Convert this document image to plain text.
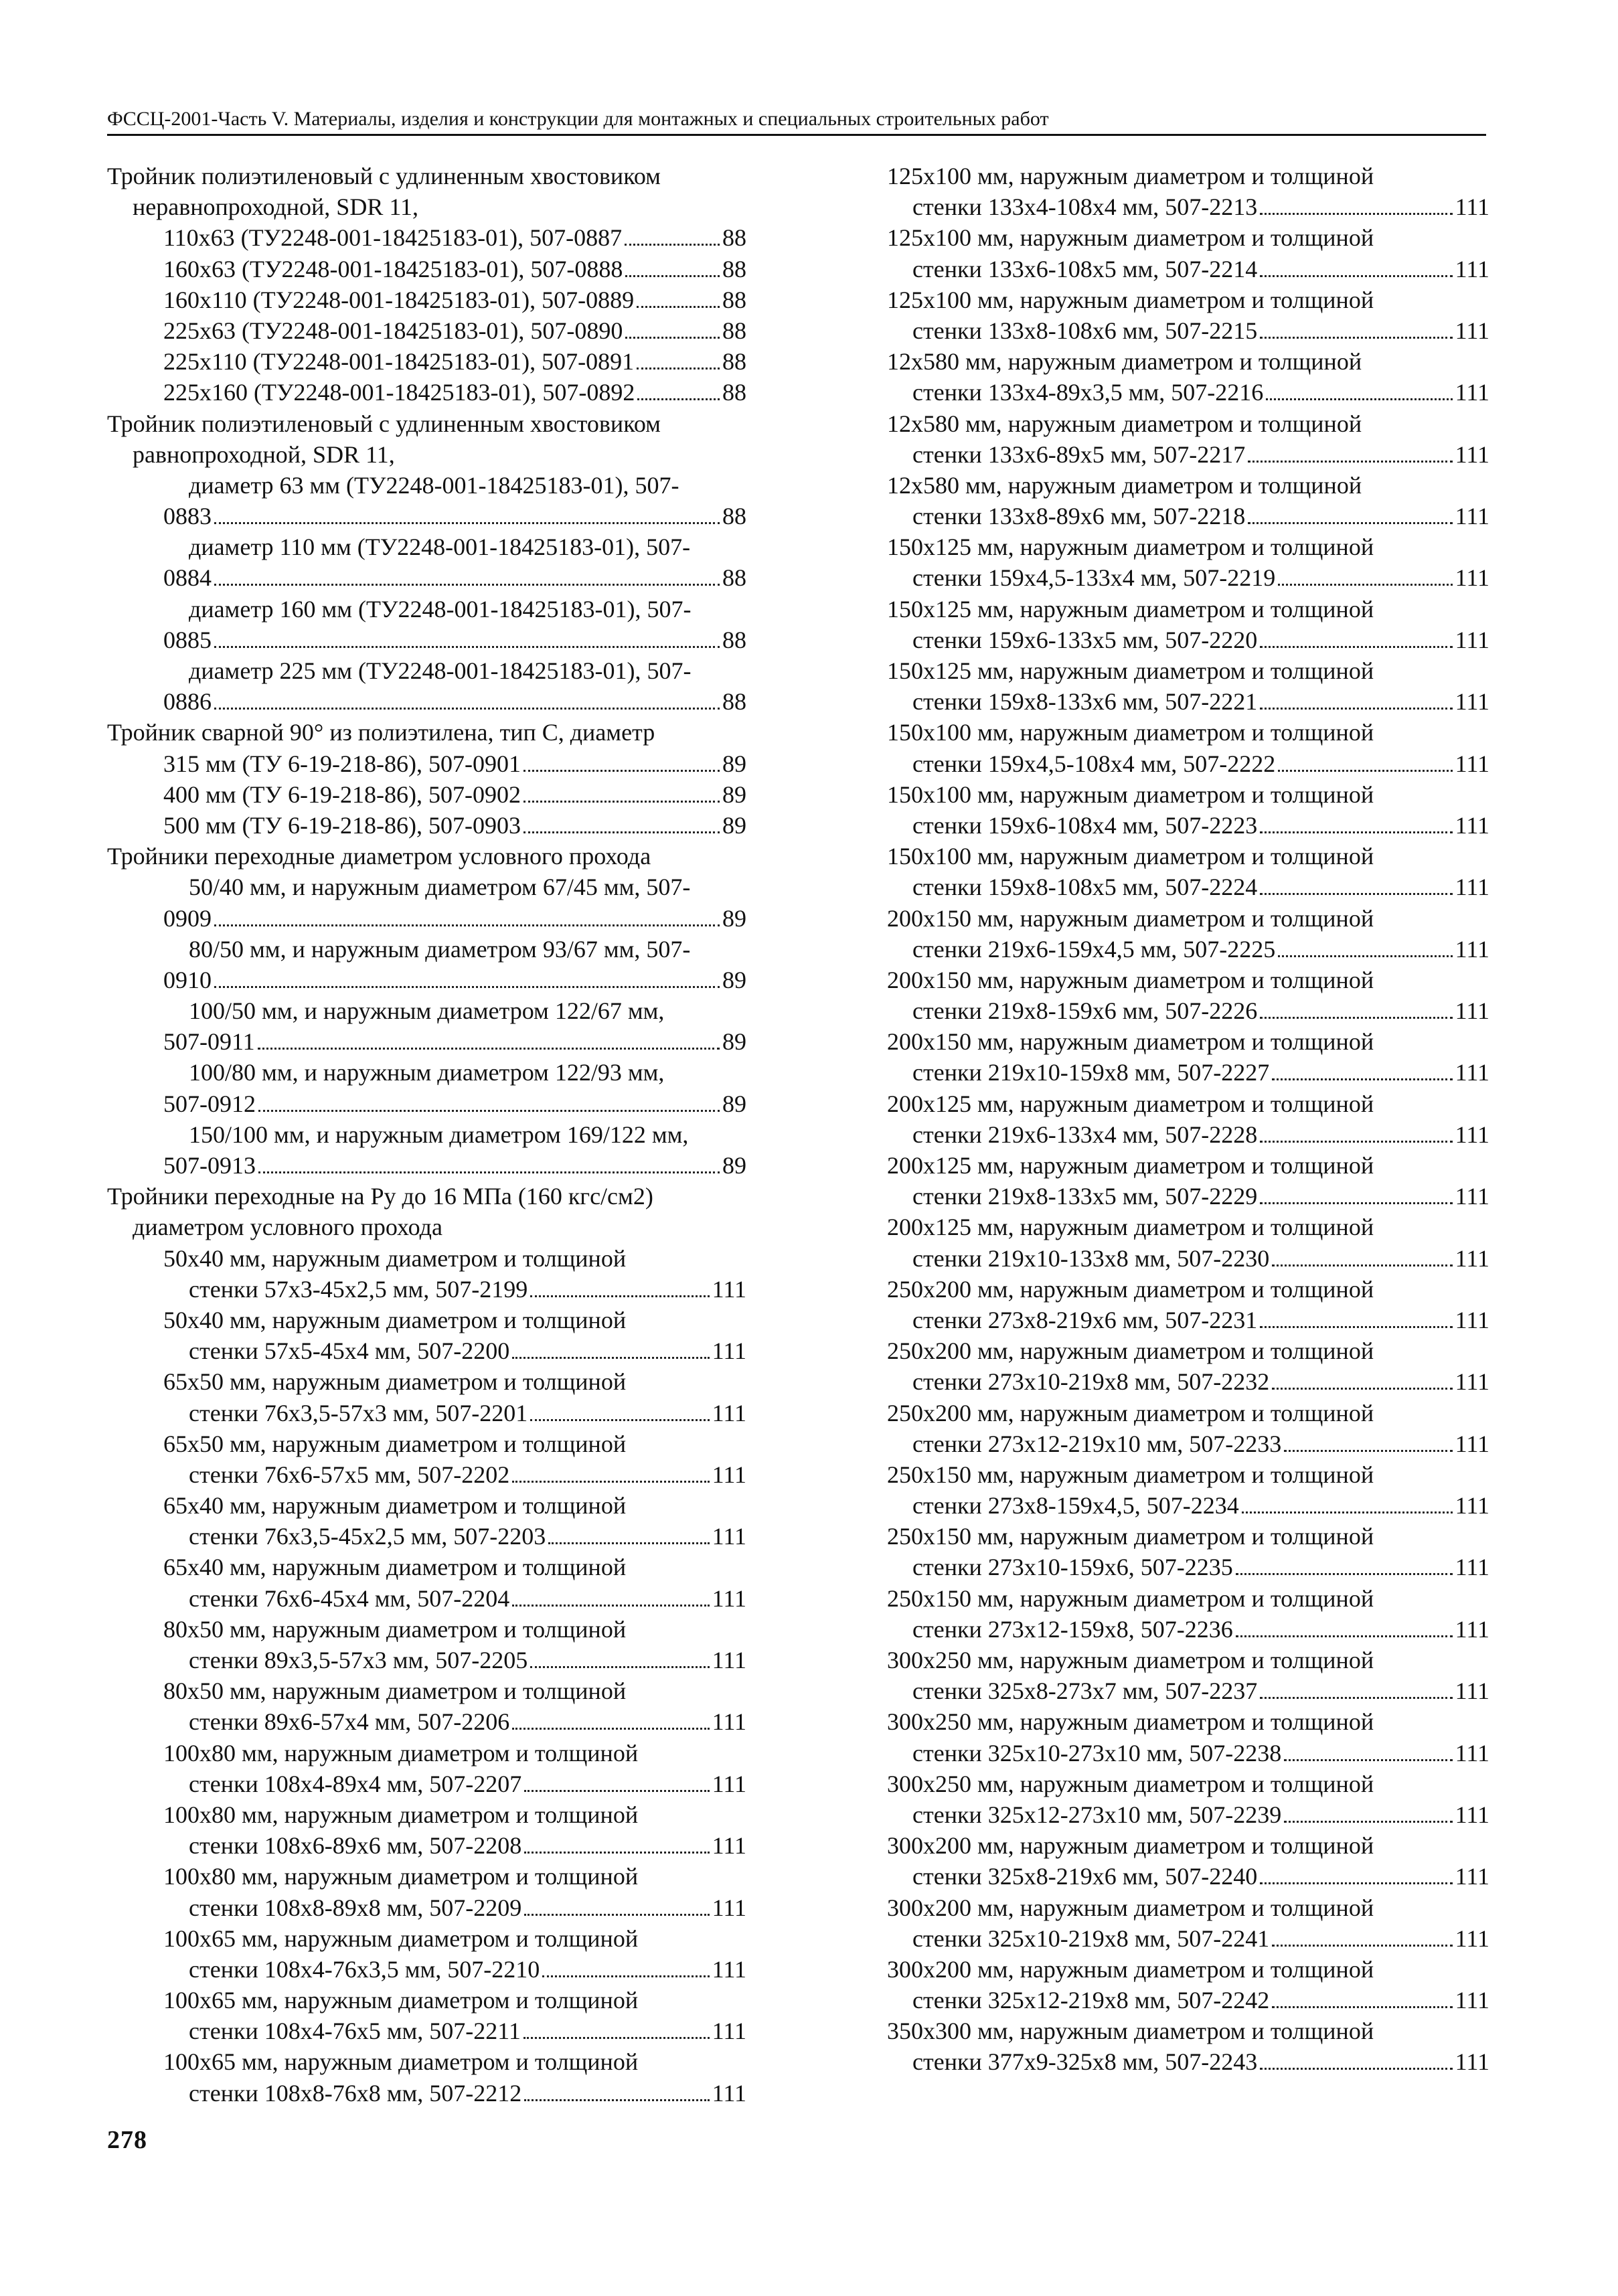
ФССЦ-2001-Часть V. Материалы, изделия и конструкции для монтажных и специальных строительных работ
Тройник полиэтиленовый с удлиненным хвостовиком
неравнопроходной, SDR 11,
110x63 (ТУ2248-001-18425183-01), 507-0887	88
160x63 (ТУ2248-001-18425183-01), 507-0888	88
160x110 (ТУ2248-001-18425183-01), 507-0889	88
225x63 (ТУ2248-001-18425183-01), 507-0890	88
225x110 (ТУ2248-001-18425183-01), 507-0891	88
225x160 (ТУ2248-001-18425183-01), 507-0892	88
Тройник полиэтиленовый с удлиненным хвостовиком
равнопроходной, SDR 11,
диаметр 63 мм (ТУ2248-001-18425183-01), 507-
0883	88
диаметр 110 мм (ТУ2248-001-18425183-01), 507-
0884	88
диаметр 160 мм (ТУ2248-001-18425183-01), 507-
0885	88
диаметр 225 мм (ТУ2248-001-18425183-01), 507-
0886	88
Тройник сварной 90° из полиэтилена, тип С, диаметр
315 мм (ТУ 6-19-218-86), 507-0901	89
400 мм (ТУ 6-19-218-86), 507-0902	89
500 мм (ТУ 6-19-218-86), 507-0903	89
Тройники переходные диаметром условного прохода
50/40 мм, и наружным диаметром 67/45 мм, 507-
0909	89
80/50 мм, и наружным диаметром 93/67 мм, 507-
0910	89
100/50 мм, и наружным диаметром 122/67 мм,
507-0911	89
100/80 мм, и наружным диаметром 122/93 мм,
507-0912	89
150/100 мм, и наружным диаметром 169/122 мм,
507-0913	89
Тройники переходные на Ру до 16 МПа (160 кгс/см2)
диаметром условного прохода
50x40 мм, наружным диаметром и толщиной
стенки 57x3-45x2,5 мм, 507-2199	111
50x40 мм, наружным диаметром и толщиной
стенки 57x5-45x4 мм, 507-2200	111
65x50 мм, наружным диаметром и толщиной
стенки 76x3,5-57x3 мм, 507-2201	111
65x50 мм, наружным диаметром и толщиной
стенки 76x6-57x5 мм, 507-2202	111
65x40 мм, наружным диаметром и толщиной
стенки 76x3,5-45x2,5 мм, 507-2203	111
65x40 мм, наружным диаметром и толщиной
стенки 76x6-45x4 мм, 507-2204	111
80x50 мм, наружным диаметром и толщиной
стенки 89x3,5-57x3 мм, 507-2205	111
80x50 мм, наружным диаметром и толщиной
стенки 89x6-57x4 мм, 507-2206	111
100x80 мм, наружным диаметром и толщиной
стенки 108x4-89x4 мм, 507-2207	111
100x80 мм, наружным диаметром и толщиной
стенки 108x6-89x6 мм, 507-2208	111
100x80 мм, наружным диаметром и толщиной
стенки 108x8-89x8 мм, 507-2209	111
100x65 мм, наружным диаметром и толщиной
стенки 108x4-76x3,5 мм, 507-2210	111
100x65 мм, наружным диаметром и толщиной
стенки 108x4-76x5 мм, 507-2211	111
100x65 мм, наружным диаметром и толщиной
стенки 108x8-76x8 мм, 507-2212	111
125x100 мм, наружным диаметром и толщиной
стенки 133x4-108x4 мм, 507-2213	111
125x100 мм, наружным диаметром и толщиной
стенки 133x6-108x5 мм, 507-2214	111
125x100 мм, наружным диаметром и толщиной
стенки 133x8-108x6 мм, 507-2215	111
12x580 мм, наружным диаметром и толщиной
стенки 133x4-89x3,5 мм, 507-2216	111
12x580 мм, наружным диаметром и толщиной
стенки 133x6-89x5 мм, 507-2217	111
12x580 мм, наружным диаметром и толщиной
стенки 133x8-89x6 мм, 507-2218	111
150x125 мм, наружным диаметром и толщиной
стенки 159x4,5-133x4 мм, 507-2219	111
150x125 мм, наружным диаметром и толщиной
стенки 159x6-133x5 мм, 507-2220	111
150x125 мм, наружным диаметром и толщиной
стенки 159x8-133x6 мм, 507-2221	111
150x100 мм, наружным диаметром и толщиной
стенки 159x4,5-108x4 мм, 507-2222	111
150x100 мм, наружным диаметром и толщиной
стенки 159x6-108x4 мм, 507-2223	111
150x100 мм, наружным диаметром и толщиной
стенки 159x8-108x5 мм, 507-2224	111
200x150 мм, наружным диаметром и толщиной
стенки 219x6-159x4,5 мм, 507-2225	111
200x150 мм, наружным диаметром и толщиной
стенки 219x8-159x6 мм, 507-2226	111
200x150 мм, наружным диаметром и толщиной
стенки 219x10-159x8 мм, 507-2227	111
200x125 мм, наружным диаметром и толщиной
стенки 219x6-133x4 мм, 507-2228	111
200x125 мм, наружным диаметром и толщиной
стенки 219x8-133x5 мм, 507-2229	111
200x125 мм, наружным диаметром и толщиной
стенки 219x10-133x8 мм, 507-2230	111
250x200 мм, наружным диаметром и толщиной
стенки 273x8-219x6 мм, 507-2231	111
250x200 мм, наружным диаметром и толщиной
стенки 273x10-219x8 мм, 507-2232	111
250x200 мм, наружным диаметром и толщиной
стенки 273x12-219x10 мм, 507-2233	111
250x150 мм, наружным диаметром и толщиной
стенки 273x8-159x4,5, 507-2234	111
250x150 мм, наружным диаметром и толщиной
стенки 273x10-159x6, 507-2235	111
250x150 мм, наружным диаметром и толщиной
стенки 273x12-159x8, 507-2236	111
300x250 мм, наружным диаметром и толщиной
стенки 325x8-273x7 мм, 507-2237	111
300x250 мм, наружным диаметром и толщиной
стенки 325x10-273x10 мм, 507-2238	111
300x250 мм, наружным диаметром и толщиной
стенки 325x12-273x10 мм, 507-2239	111
300x200 мм, наружным диаметром и толщиной
стенки 325x8-219x6 мм, 507-2240	111
300x200 мм, наружным диаметром и толщиной
стенки 325x10-219x8 мм, 507-2241	111
300x200 мм, наружным диаметром и толщиной
стенки 325x12-219x8 мм, 507-2242	111
350x300 мм, наружным диаметром и толщиной
стенки 377x9-325x8 мм, 507-2243	111
278
